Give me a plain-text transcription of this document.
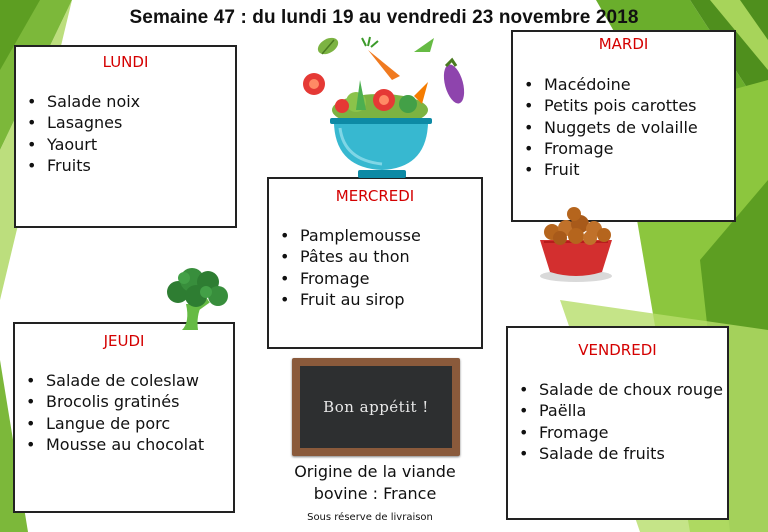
Semaine 47 : du lundi 19 au vendredi 23 novembre 2018
LUNDI
• Salade noix
• Lasagnes
• Yaourt
• Fruits
MARDI
• Macédoine
• Petits pois carottes
• Nuggets de volaille
• Fromage
• Fruit
MERCREDI
• Pamplemousse
• Pâtes au thon
• Fromage
• Fruit au sirop
JEUDI
• Salade de coleslaw
• Brocolis gratinés
• Langue de porc
• Mousse au chocolat
VENDREDI
• Salade de choux rouge
• Paëlla
• Fromage
• Salade de fruits
Bon appétit !
Origine de la viande
bovine : France
Sous réserve de livraison
